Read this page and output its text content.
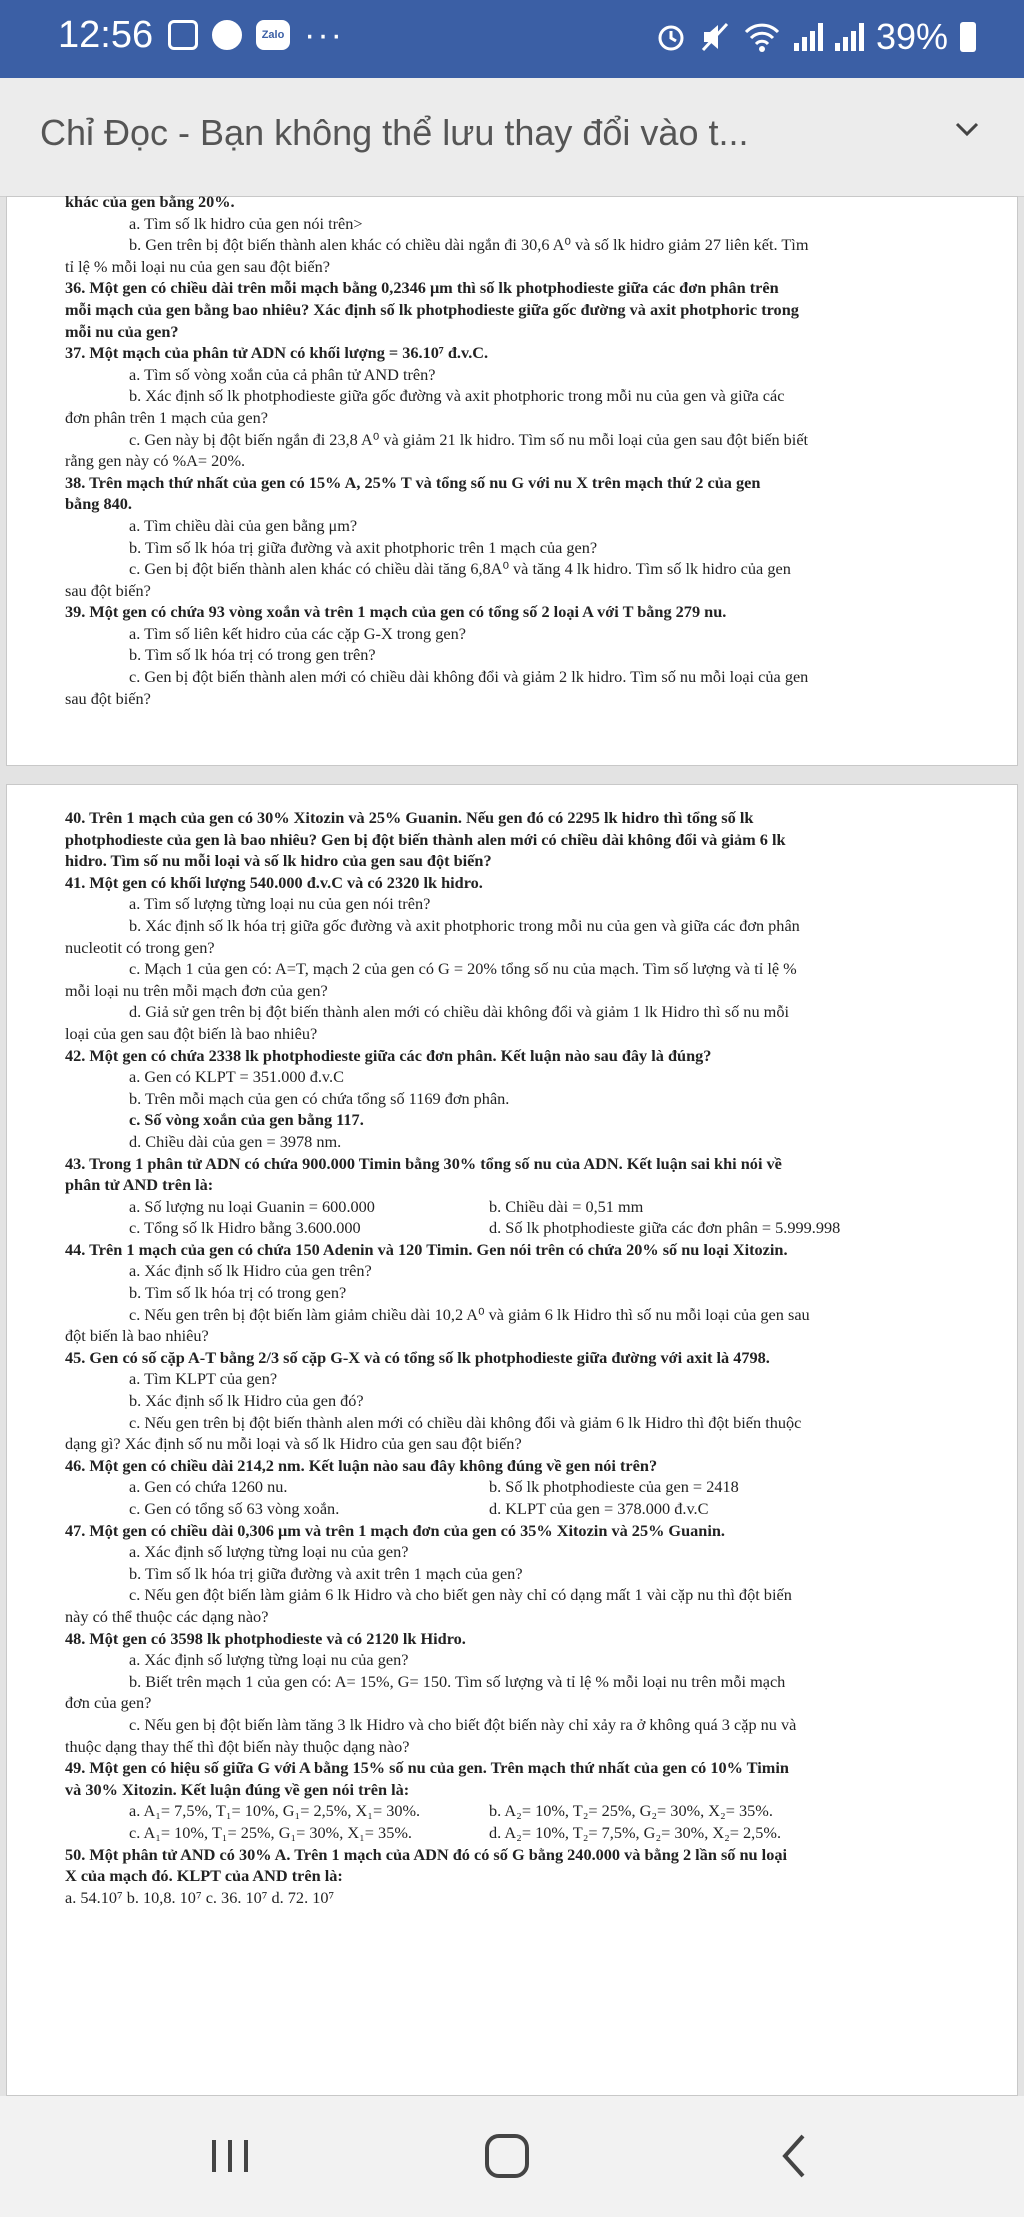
12:56	Zalo ···	39%
Chỉ Đọc - Bạn không thể lưu thay đổi vào t...

khác của gen bằng 20%.

a. Tìm số lk hidro của gen nói trên>

b. Gen trên bị đột biến thành alen khác có chiều dài ngắn đi 30,6 A⁰ và số lk hidro giảm 27 liên kết. Tìm

tỉ lệ % mỗi loại nu của gen sau đột biến?

36. Một gen có chiều dài trên mỗi mạch bằng 0,2346 μm thì số lk photphodieste giữa các đơn phân trên

mỗi mạch của gen bằng bao nhiêu? Xác định số lk photphodieste giữa gốc đường và axit photphoric trong

mỗi nu của gen?

37. Một mạch của phân tử ADN có khối lượng = 36.10⁷ đ.v.C.

a. Tìm số vòng xoắn của cả phân tử AND trên?

b. Xác định số lk photphodieste giữa gốc đường và axit photphoric trong mỗi nu của gen và giữa các

đơn phân trên 1 mạch của gen?

c. Gen này bị đột biến ngắn đi 23,8 A⁰ và giảm 21 lk hidro. Tìm số nu mỗi loại của gen sau đột biến biết

rằng gen này có %A= 20%.

38. Trên mạch thứ nhất của gen có 15% A, 25% T và tổng số nu G với nu X trên mạch thứ 2 của gen

bằng 840.

a. Tìm chiều dài của gen bằng μm?

b. Tìm số lk hóa trị giữa đường và axit photphoric trên 1 mạch của gen?

c. Gen bị đột biến thành alen khác có chiều dài tăng 6,8A⁰ và tăng 4 lk hidro. Tìm số lk hidro của gen

sau đột biến?

39. Một gen có chứa 93 vòng xoắn và trên 1 mạch của gen có tổng số 2 loại A với T bằng 279 nu.

a. Tìm số liên kết hidro của các cặp G-X trong gen?

b. Tìm số lk hóa trị có trong gen trên?

c. Gen bị đột biến thành alen mới có chiều dài không đổi và giảm 2 lk hidro. Tìm số nu mỗi loại của gen

sau đột biến?

40. Trên 1 mạch của gen có 30% Xitozin và 25% Guanin. Nếu gen đó có 2295 lk hidro thì tổng số lk

photphodieste của gen là bao nhiêu? Gen bị đột biến thành alen mới có chiều dài không đổi và giảm 6 lk

hidro. Tìm số nu mỗi loại và số lk hidro của gen sau đột biến?

41. Một gen có khối lượng 540.000 đ.v.C và có 2320 lk hidro.

a. Tìm số lượng từng loại nu của gen nói trên?

b. Xác định số lk hóa trị giữa gốc đường và axit photphoric trong mỗi nu của gen và giữa các đơn phân

nucleotit có trong gen?

c. Mạch 1 của gen có: A=T, mạch 2 của gen có G = 20% tổng số nu của mạch. Tìm số lượng và tỉ lệ %

mỗi loại nu trên mỗi mạch đơn của gen?

d. Giả sử gen trên bị đột biến thành alen mới có chiều dài không đổi và giảm 1 lk Hidro thì số nu mỗi

loại của gen sau đột biến là bao nhiêu?

42. Một gen có chứa 2338 lk photphodieste giữa các đơn phân. Kết luận nào sau đây là đúng?

a. Gen có KLPT = 351.000 đ.v.C

b. Trên mỗi mạch của gen có chứa tổng số 1169 đơn phân.

c. Số vòng xoắn của gen bằng 117.

d. Chiều dài của gen = 3978 nm.

43. Trong 1 phân tử ADN có chứa 900.000 Timin bằng 30% tổng số nu của ADN. Kết luận sai khi nói về

phân tử AND trên là:

a. Số lượng nu loại Guanin = 600.000	b. Chiều dài = 0,51 mm

c. Tổng số lk Hidro bằng 3.600.000	d. Số lk photphodieste giữa các đơn phân = 5.999.998

44. Trên 1 mạch của gen có chứa 150 Adenin và 120 Timin. Gen nói trên có chứa 20% số nu loại Xitozin.

a. Xác định số lk Hidro của gen trên?

b. Tìm số lk hóa trị có trong gen?

c. Nếu gen trên bị đột biến làm giảm chiều dài 10,2 A⁰ và giảm 6 lk Hidro thì số nu mỗi loại của gen sau

đột biến là bao nhiêu?

45. Gen có số cặp A-T bằng 2/3 số cặp G-X và có tổng số lk photphodieste giữa đường với axit là 4798.

a. Tìm KLPT của gen?

b. Xác định số lk Hidro của gen đó?

c. Nếu gen trên bị đột biến thành alen mới có chiều dài không đổi và giảm 6 lk Hidro thì đột biến thuộc

dạng gì? Xác định số nu mỗi loại và số lk Hidro của gen sau đột biến?

46. Một gen có chiều dài 214,2 nm. Kết luận nào sau đây không đúng về gen nói trên?

a. Gen có chứa 1260 nu.	b. Số lk photphodieste của gen = 2418

c. Gen có tổng số 63 vòng xoắn.	d. KLPT của gen = 378.000 đ.v.C

47. Một gen có chiều dài 0,306 μm và trên 1 mạch đơn của gen có 35% Xitozin và 25% Guanin.

a. Xác định số lượng từng loại nu của gen?

b. Tìm số lk hóa trị giữa đường và axit trên 1 mạch của gen?

c. Nếu gen đột biến làm giảm 6 lk Hidro và cho biết gen này chỉ có dạng mất 1 vài cặp nu thì đột biến

này có thể thuộc các dạng nào?

48. Một gen có 3598 lk photphodieste và có 2120 lk Hidro.

a. Xác định số lượng từng loại nu của gen?

b. Biết trên mạch 1 của gen có: A= 15%, G= 150. Tìm số lượng và tỉ lệ % mỗi loại nu trên mỗi mạch

đơn của gen?

c. Nếu gen bị đột biến làm tăng 3 lk Hidro và cho biết đột biến này chỉ xảy ra ở không quá 3 cặp nu và

thuộc dạng thay thế thì đột biến này thuộc dạng nào?

49. Một gen có hiệu số giữa G với A bằng 15% số nu của gen. Trên mạch thứ nhất của gen có 10% Timin

và 30% Xitozin. Kết luận đúng về gen nói trên là:

a. A₁= 7,5%, T₁= 10%, G₁= 2,5%, X₁= 30%.	b. A₂= 10%, T₂= 25%, G₂= 30%, X₂= 35%.

c. A₁= 10%, T₁= 25%, G₁= 30%, X₁= 35%.	d. A₂= 10%, T₂= 7,5%, G₂= 30%, X₂= 2,5%.

50. Một phân tử AND có 30% A. Trên 1 mạch của ADN đó có số G bằng 240.000 và bằng 2 lần số nu loại

X của mạch đó. KLPT của AND trên là:

a. 54.10⁷ b. 10,8. 10⁷ c. 36. 10⁷ d. 72. 10⁷
